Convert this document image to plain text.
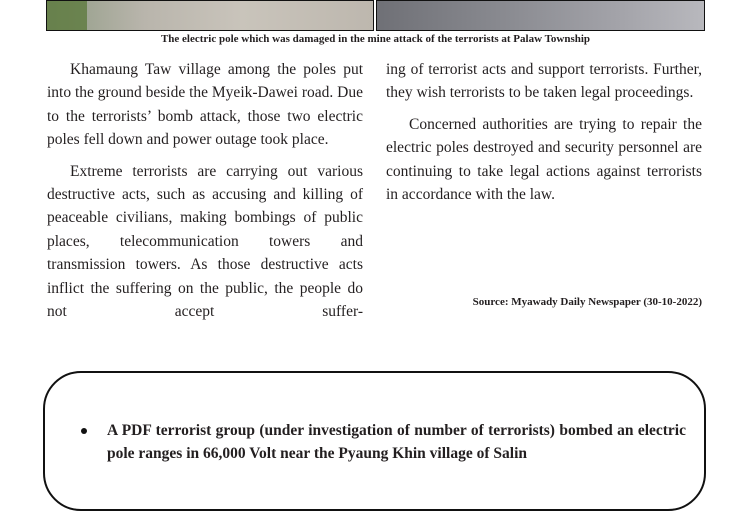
The electric pole which was damaged in the mine attack of the terrorists at Palaw Township

Khamaung Taw village among the poles put into the ground beside the Myeik-Dawei road. Due to the terrorists’ bomb attack, those two electric poles fell down and power outage took place.

Extreme terrorists are carrying out various destructive acts, such as accusing and killing of peaceable civilians, making bombings of public places, telecommunication towers and transmission towers. As those destructive acts inflict the suffering on the public, the people do not accept suffer-

ing of terrorist acts and support terrorists. Further, they wish terrorists to be taken legal proceedings.

Concerned authorities are trying to repair the electric poles destroyed and security personnel are continuing to take legal actions against terrorists in accordance with the law.

Source: Myawady Daily Newspaper (30-10-2022)

A PDF terrorist group (under investigation of number of terrorists) bombed an electric pole ranges in 66,000 Volt near the Pyaung Khin village of Salin
